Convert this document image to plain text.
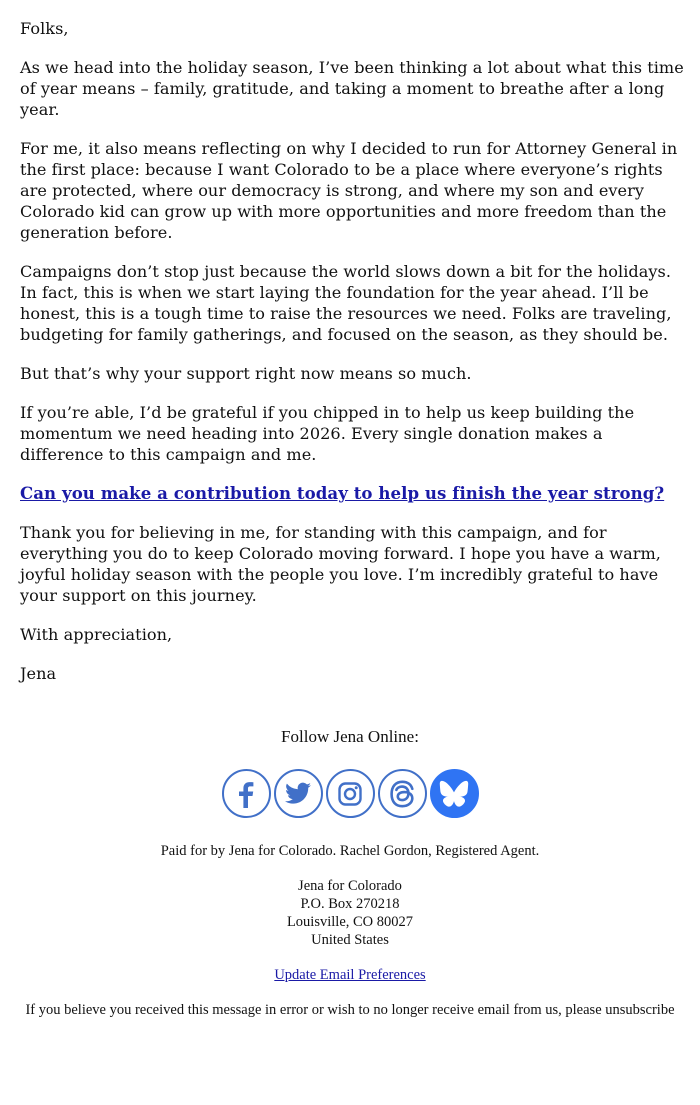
Folks,

As we head into the holiday season, I’ve been thinking a lot about what this time of year means – family, gratitude, and taking a moment to breathe after a long year.

For me, it also means reflecting on why I decided to run for Attorney General in the first place: because I want Colorado to be a place where everyone’s rights are protected, where our democracy is strong, and where my son and every Colorado kid can grow up with more opportunities and more freedom than the generation before.

Campaigns don’t stop just because the world slows down a bit for the holidays. In fact, this is when we start laying the foundation for the year ahead. I’ll be honest, this is a tough time to raise the resources we need. Folks are traveling, budgeting for family gatherings, and focused on the season, as they should be.

But that’s why your support right now means so much.

If you’re able, I’d be grateful if you chipped in to help us keep building the momentum we need heading into 2026. Every single donation makes a difference to this campaign and me.

Can you make a contribution today to help us finish the year strong?

Thank you for believing in me, for standing with this campaign, and for everything you do to keep Colorado moving forward. I hope you have a warm, joyful holiday season with the people you love. I’m incredibly grateful to have your support on this journey.

With appreciation,

Jena

Follow Jena Online:

Paid for by Jena for Colorado. Rachel Gordon, Registered Agent.
Jena for Colorado
P.O. Box 270218
Louisville, CO 80027
United States
Update Email Preferences
If you believe you received this message in error or wish to no longer receive email from us, please unsubscribe
